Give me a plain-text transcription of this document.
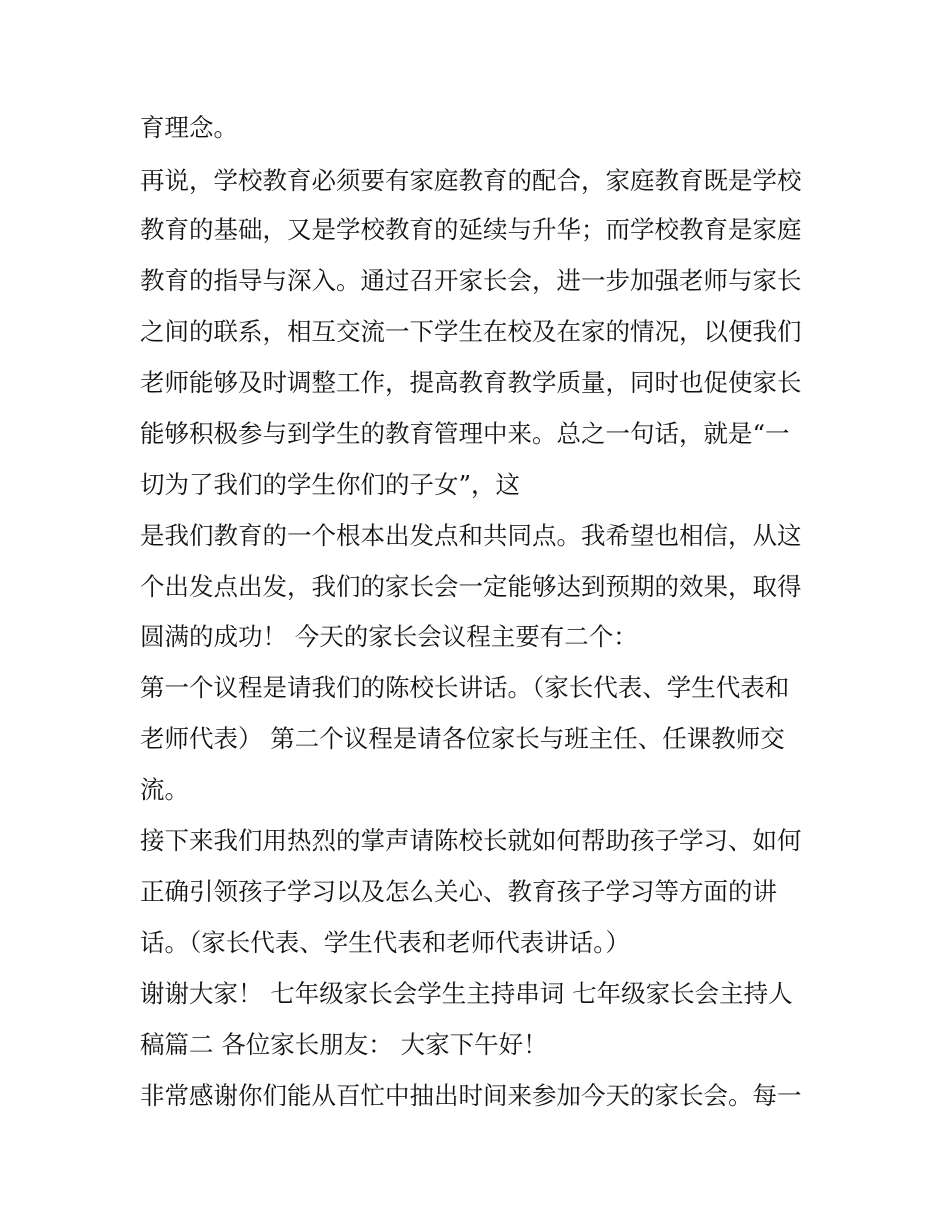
育理念。
再说，学校教育必须要有家庭教育的配合，家庭教育既是学校
教育的基础，又是学校教育的延续与升华；而学校教育是家庭
教育的指导与深入。通过召开家长会，进一步加强老师与家长
之间的联系，相互交流一下学生在校及在家的情况，以便我们
老师能够及时调整工作，提高教育教学质量，同时也促使家长
能够积极参与到学生的教育管理中来。总之一句话，就是“一
切为了我们的学生你们的子女”，这
是我们教育的一个根本出发点和共同点。我希望也相信，从这
个出发点出发，我们的家长会一定能够达到预期的效果，取得
圆满的成功！ 今天的家长会议程主要有二个：
第一个议程是请我们的陈校长讲话。（家长代表、学生代表和
老师代表） 第二个议程是请各位家长与班主任、任课教师交
流。
接下来我们用热烈的掌声请陈校长就如何帮助孩子学习、如何
正确引领孩子学习以及怎么关心、教育孩子学习等方面的讲
话。（家长代表、学生代表和老师代表讲话。）
谢谢大家！ 七年级家长会学生主持串词 七年级家长会主持人
稿篇二 各位家长朋友： 大家下午好！
非常感谢你们能从百忙中抽出时间来参加今天的家长会。每一
